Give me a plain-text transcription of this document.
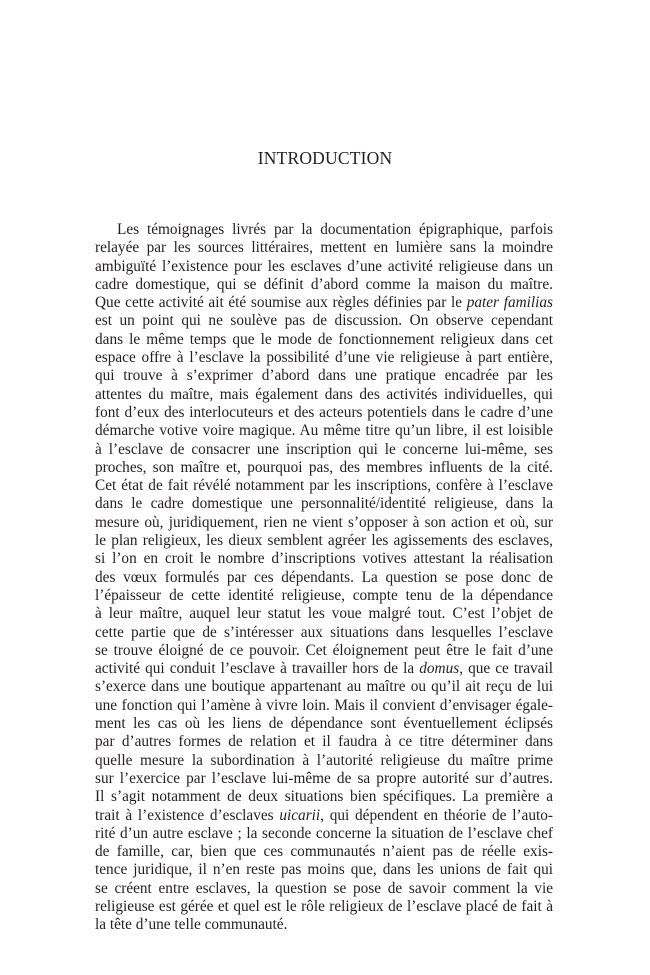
INTRODUCTION
Les témoignages livrés par la documentation épigraphique, parfois
relayée par les sources littéraires, mettent en lumière sans la moindre
ambiguïté l’existence pour les esclaves d’une activité religieuse dans un
cadre domestique, qui se définit d’abord comme la maison du maître.
Que cette activité ait été soumise aux règles définies par le pater familias
est un point qui ne soulève pas de discussion. On observe cependant
dans le même temps que le mode de fonctionnement religieux dans cet
espace offre à l’esclave la possibilité d’une vie religieuse à part entière,
qui trouve à s’exprimer d’abord dans une pratique encadrée par les
attentes du maître, mais également dans des activités individuelles, qui
font d’eux des interlocuteurs et des acteurs potentiels dans le cadre d’une
démarche votive voire magique. Au même titre qu’un libre, il est loisible
à l’esclave de consacrer une inscription qui le concerne lui-même, ses
proches, son maître et, pourquoi pas, des membres influents de la cité.
Cet état de fait révélé notamment par les inscriptions, confère à l’esclave
dans le cadre domestique une personnalité/identité religieuse, dans la
mesure où, juridiquement, rien ne vient s’opposer à son action et où, sur
le plan religieux, les dieux semblent agréer les agissements des esclaves,
si l’on en croit le nombre d’inscriptions votives attestant la réalisation
des vœux formulés par ces dépendants. La question se pose donc de
l’épaisseur de cette identité religieuse, compte tenu de la dépendance
à leur maître, auquel leur statut les voue malgré tout. C’est l’objet de
cette partie que de s’intéresser aux situations dans lesquelles l’esclave
se trouve éloigné de ce pouvoir. Cet éloignement peut être le fait d’une
activité qui conduit l’esclave à travailler hors de la domus, que ce travail
s’exerce dans une boutique appartenant au maître ou qu’il ait reçu de lui
une fonction qui l’amène à vivre loin. Mais il convient d’envisager égale-
ment les cas où les liens de dépendance sont éventuellement éclipsés
par d’autres formes de relation et il faudra à ce titre déterminer dans
quelle mesure la subordination à l’autorité religieuse du maître prime
sur l’exercice par l’esclave lui-même de sa propre autorité sur d’autres.
Il s’agit notamment de deux situations bien spécifiques. La première a
trait à l’existence d’esclaves uicarii, qui dépendent en théorie de l’auto-
rité d’un autre esclave ; la seconde concerne la situation de l’esclave chef
de famille, car, bien que ces communautés n’aient pas de réelle exis-
tence juridique, il n’en reste pas moins que, dans les unions de fait qui
se créent entre esclaves, la question se pose de savoir comment la vie
religieuse est gérée et quel est le rôle religieux de l’esclave placé de fait à
la tête d’une telle communauté.
